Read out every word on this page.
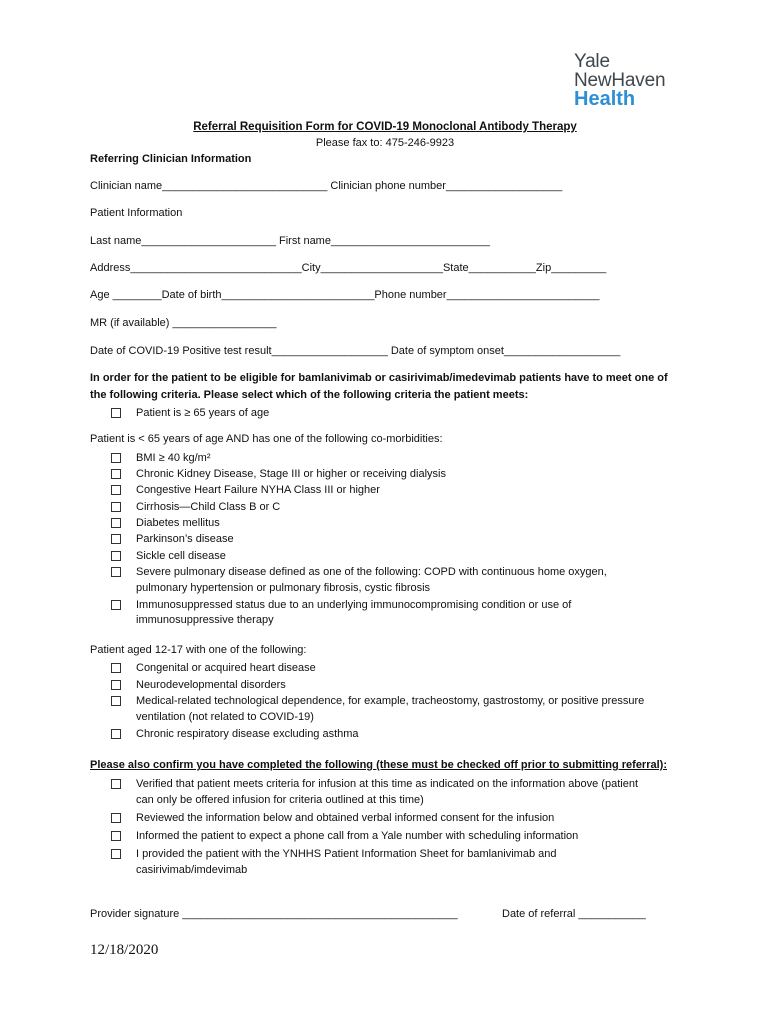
Yale
NewHaven
Health
Referral Requisition Form for COVID-19 Monoclonal Antibody Therapy
Please fax to: 475-246-9923
Referring Clinician Information
Clinician name___________________________ Clinician phone number___________________
Patient Information
Last name______________________ First name__________________________
Address____________________________City____________________State___________Zip_________
Age ________Date of birth_________________________Phone number_________________________
MR (if available) _________________
Date of COVID-19 Positive test result___________________ Date of symptom onset___________________
In order for the patient to be eligible for bamlanivimab or casirivimab/imedevimab patients have to meet one of
the following criteria. Please select which of the following criteria the patient meets:
Patient is ≥ 65 years of age
Patient is < 65 years of age AND has one of the following co-morbidities:
BMI ≥ 40 kg/m²
Chronic Kidney Disease, Stage III or higher or receiving dialysis
Congestive Heart Failure NYHA Class III or higher
Cirrhosis—Child Class B or C
Diabetes mellitus
Parkinson’s disease
Sickle cell disease
Severe pulmonary disease defined as one of the following: COPD with continuous home oxygen,
pulmonary hypertension or pulmonary fibrosis, cystic fibrosis
Immunosuppressed status due to an underlying immunocompromising condition or use of
immunosuppressive therapy
Patient aged 12-17 with one of the following:
Congenital or acquired heart disease
Neurodevelopmental disorders
Medical-related technological dependence, for example, tracheostomy, gastrostomy, or positive pressure
ventilation (not related to COVID-19)
Chronic respiratory disease excluding asthma
Please also confirm you have completed the following (these must be checked off prior to submitting referral):
Verified that patient meets criteria for infusion at this time as indicated on the information above (patient
can only be offered infusion for criteria outlined at this time)
Reviewed the information below and obtained verbal informed consent for the infusion
Informed the patient to expect a phone call from a Yale number with scheduling information
I provided the patient with the YNHHS Patient Information Sheet for bamlanivimab and
casirivimab/imdevimab
Provider signature _____________________________________________	Date of referral ___________
12/18/2020
